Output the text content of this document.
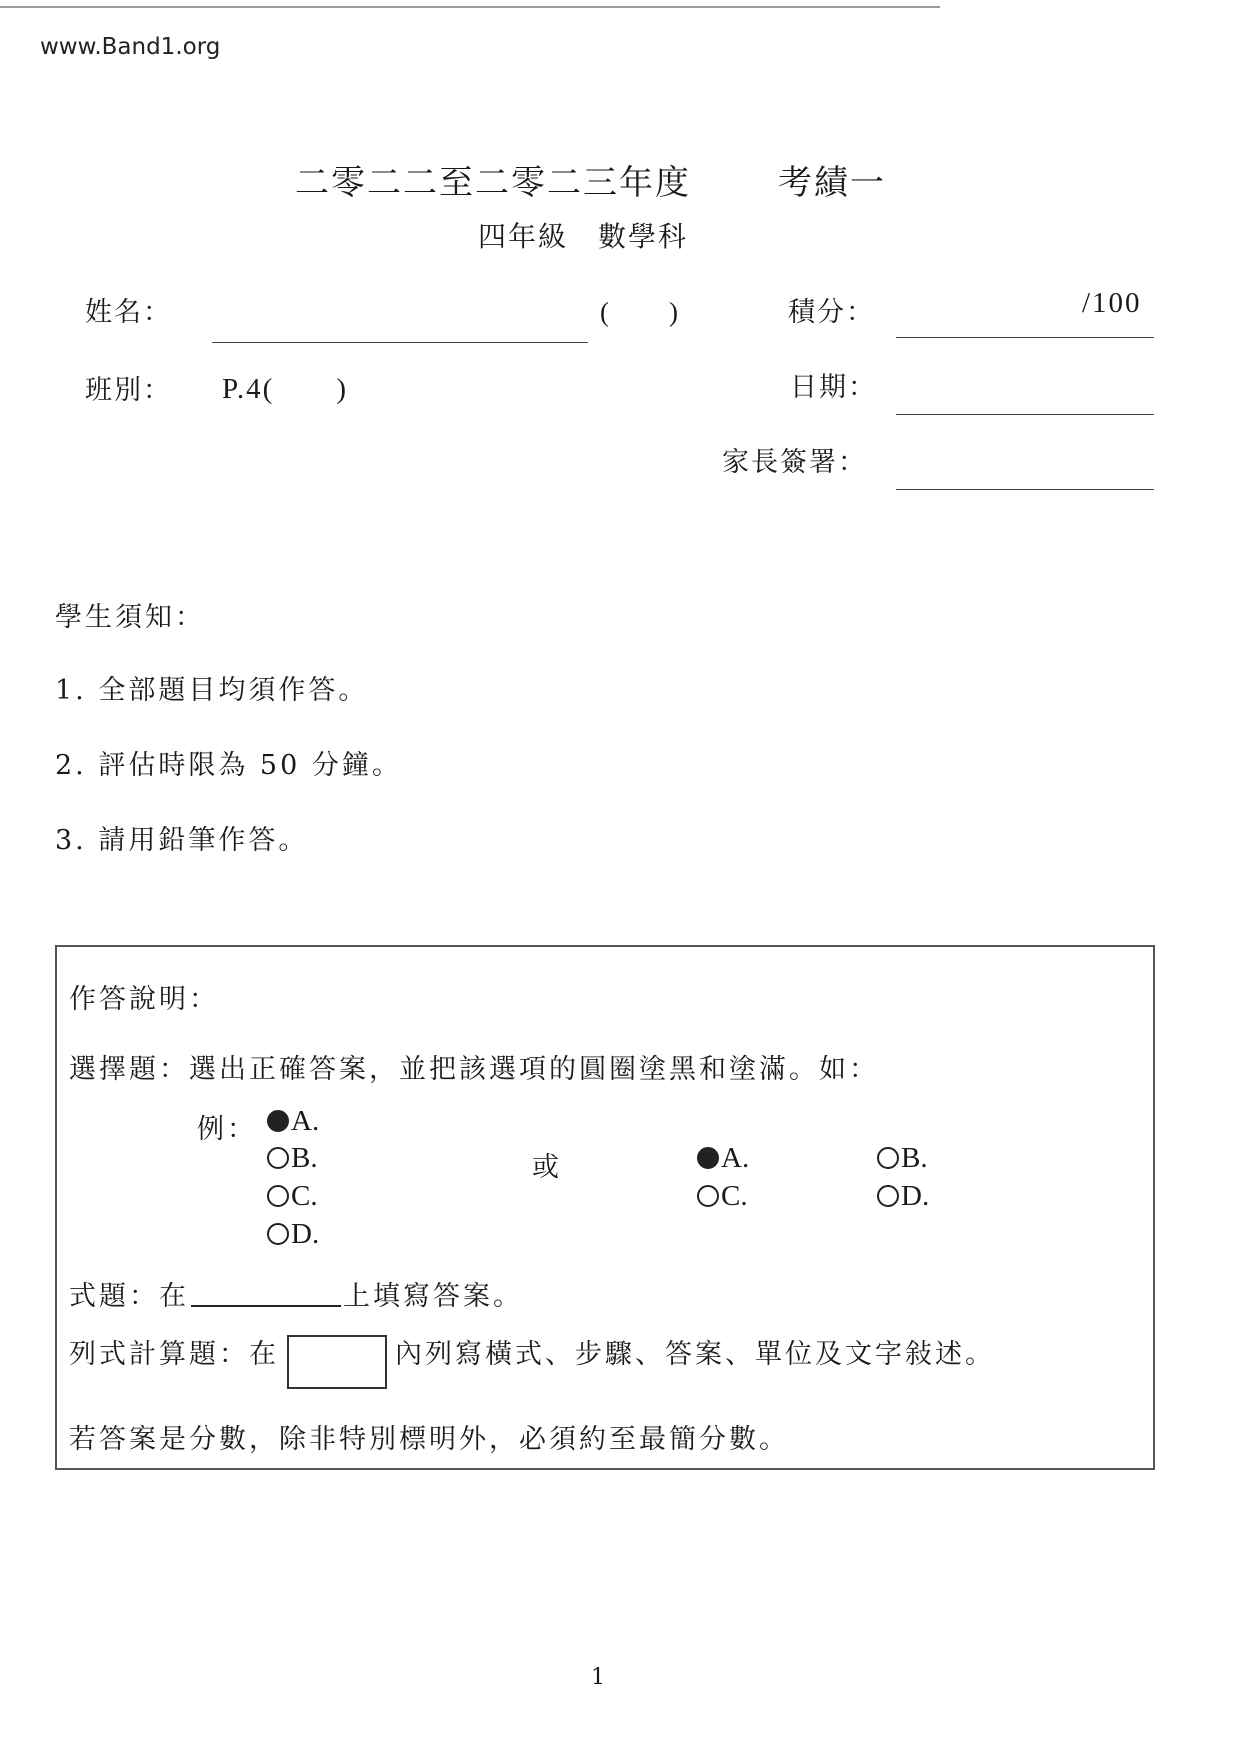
www.Band1.org
二零二二至二零二三年度	考績一
四年級　數學科
姓名：	(　　)	積分：	/100
班別： P.4(　　)	日期：
家長簽署：
學生須知：
1. 全部題目均須作答。
2. 評估時限為 50 分鐘。
3. 請用鉛筆作答。
作答說明：
選擇題：選出正確答案，並把該選項的圓圈塗黑和塗滿。如：
例：	A.
B.
C.
D.
或	A.	B.
C.	D.
式題：在	上填寫答案。
列式計算題：在	內列寫橫式、步驟、答案、單位及文字敍述。
若答案是分數，除非特別標明外，必須約至最簡分數。
1
